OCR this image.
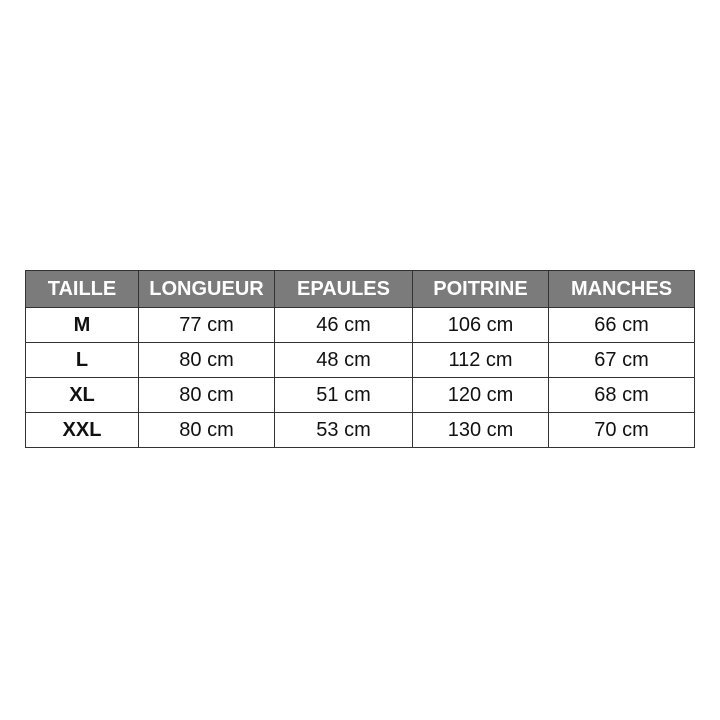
TAILLE	LONGUEUR	EPAULES	POITRINE	MANCHES
M	77 cm	46 cm	106 cm	66 cm
L	80 cm	48 cm	112 cm	67 cm
XL	80 cm	51 cm	120 cm	68 cm
XXL	80 cm	53 cm	130 cm	70 cm
